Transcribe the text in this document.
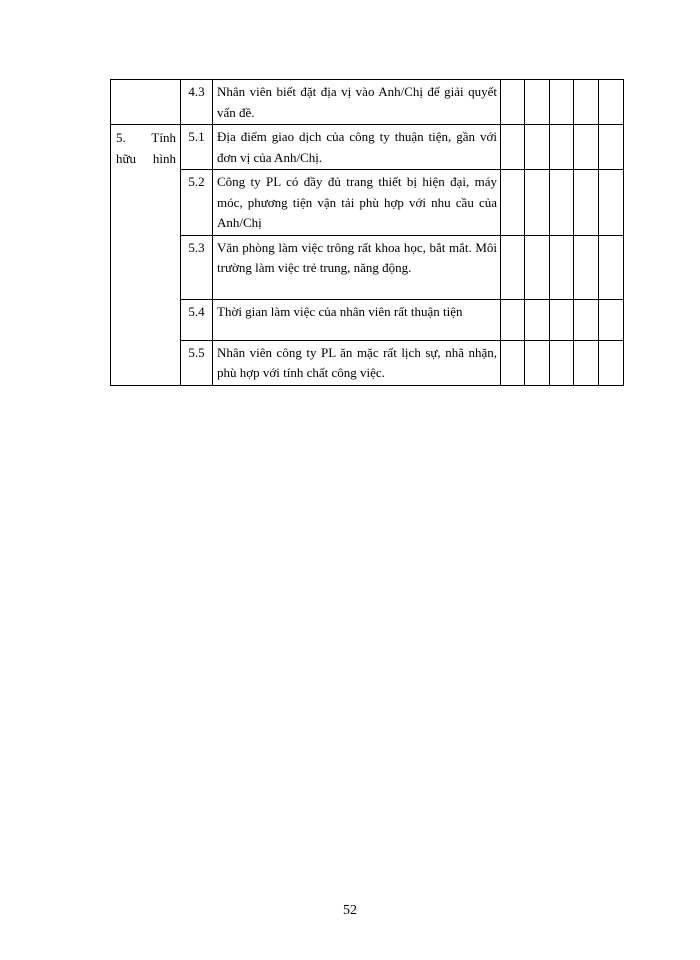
	4.3	Nhân viên biết đặt địa vị vào Anh/Chị để giải quyết vấn đề.					

5. Tính hữu hình	5.1	Địa điểm giao dịch của công ty thuận tiện, gần với đơn vị của Anh/Chị.					

	5.2	Công ty PL có đầy đủ trang thiết bị hiện đại, máy móc, phương tiện vận tải phù hợp với nhu cầu của Anh/Chị					

	5.3	Văn phòng làm việc trông rất khoa học, bắt mắt. Môi trường làm việc trẻ trung, năng động.					

	5.4	Thời gian làm việc của nhân viên rất thuận tiện					

	5.5	Nhân viên công ty PL ăn mặc rất lịch sự, nhã nhặn, phù hợp với tính chất công việc.					

52
